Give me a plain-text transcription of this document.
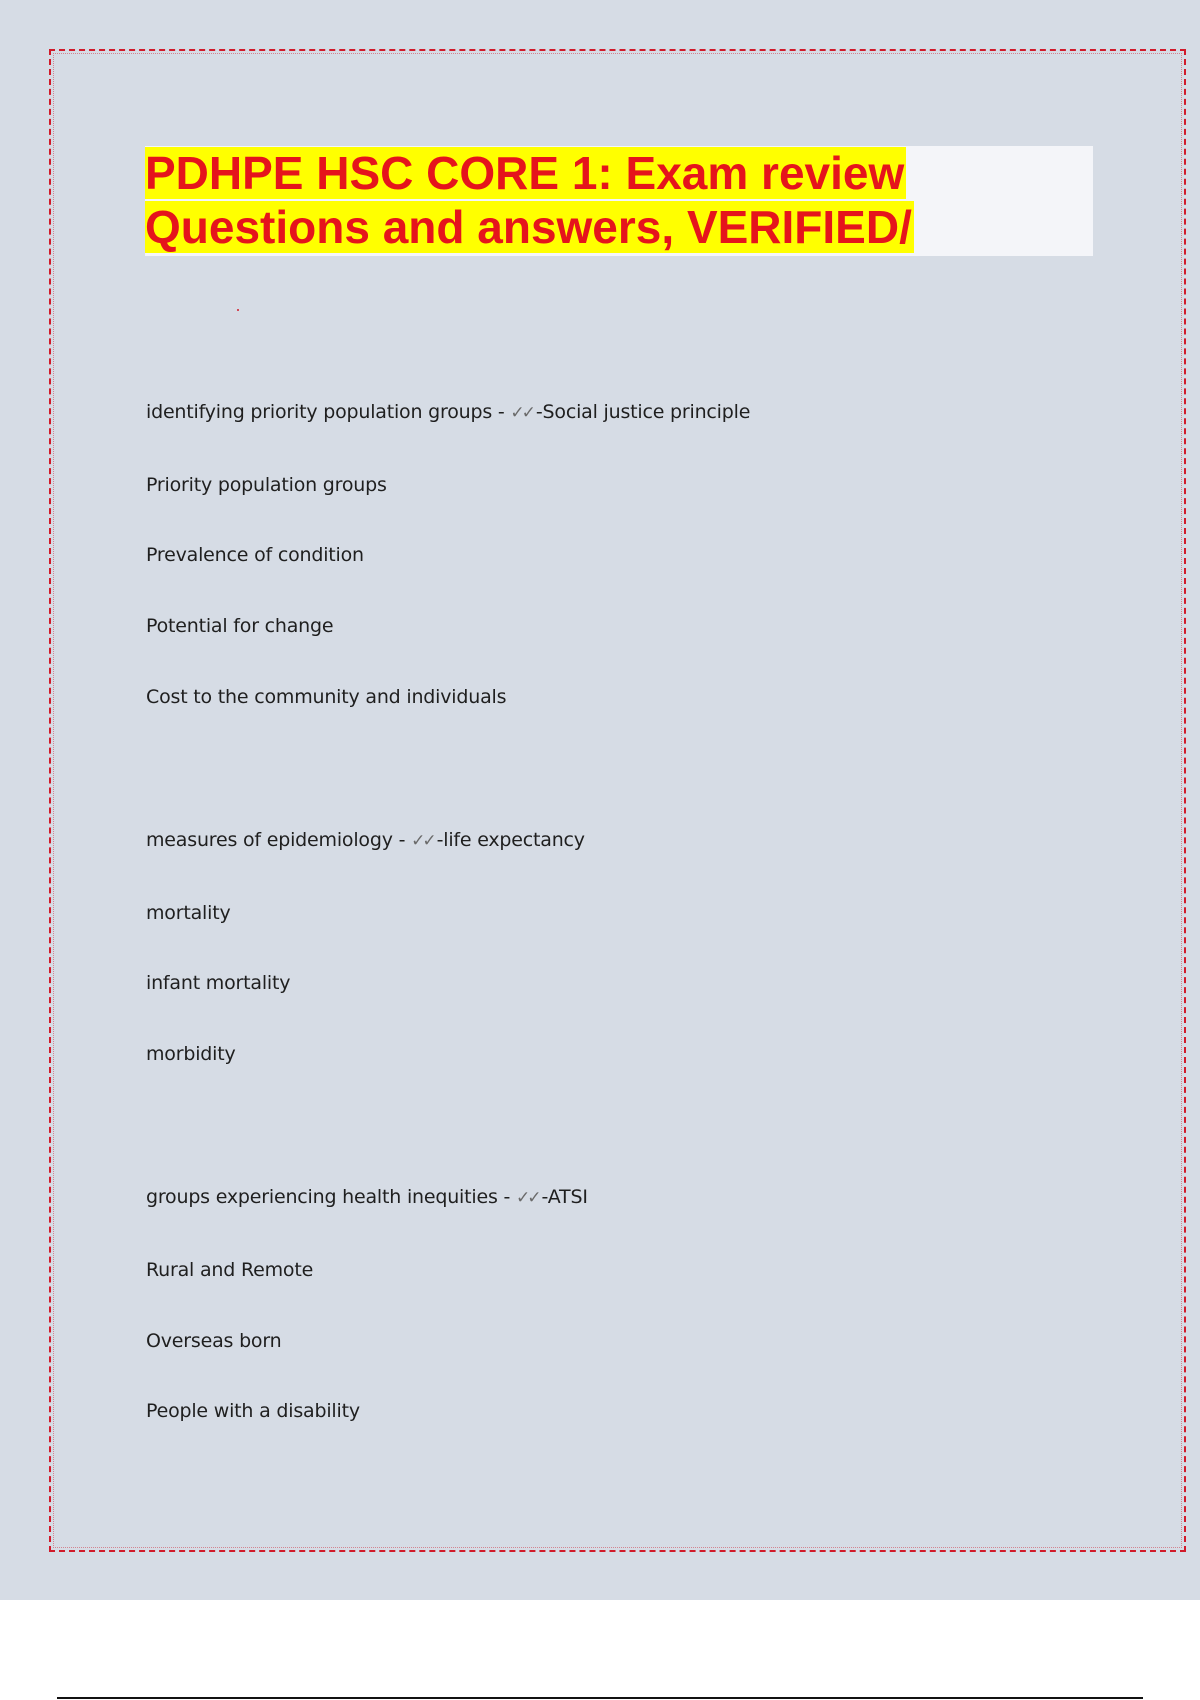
PDHPE HSC CORE 1: Exam review
Questions and answers, VERIFIED/

identifying priority population groups - ✓✓ -Social justice principle

Priority population groups

Prevalence of condition

Potential for change

Cost to the community and individuals

measures of epidemiology - ✓✓ -life expectancy

mortality

infant mortality

morbidity

groups experiencing health inequities - ✓✓ -ATSI

Rural and Remote

Overseas born

People with a disability
